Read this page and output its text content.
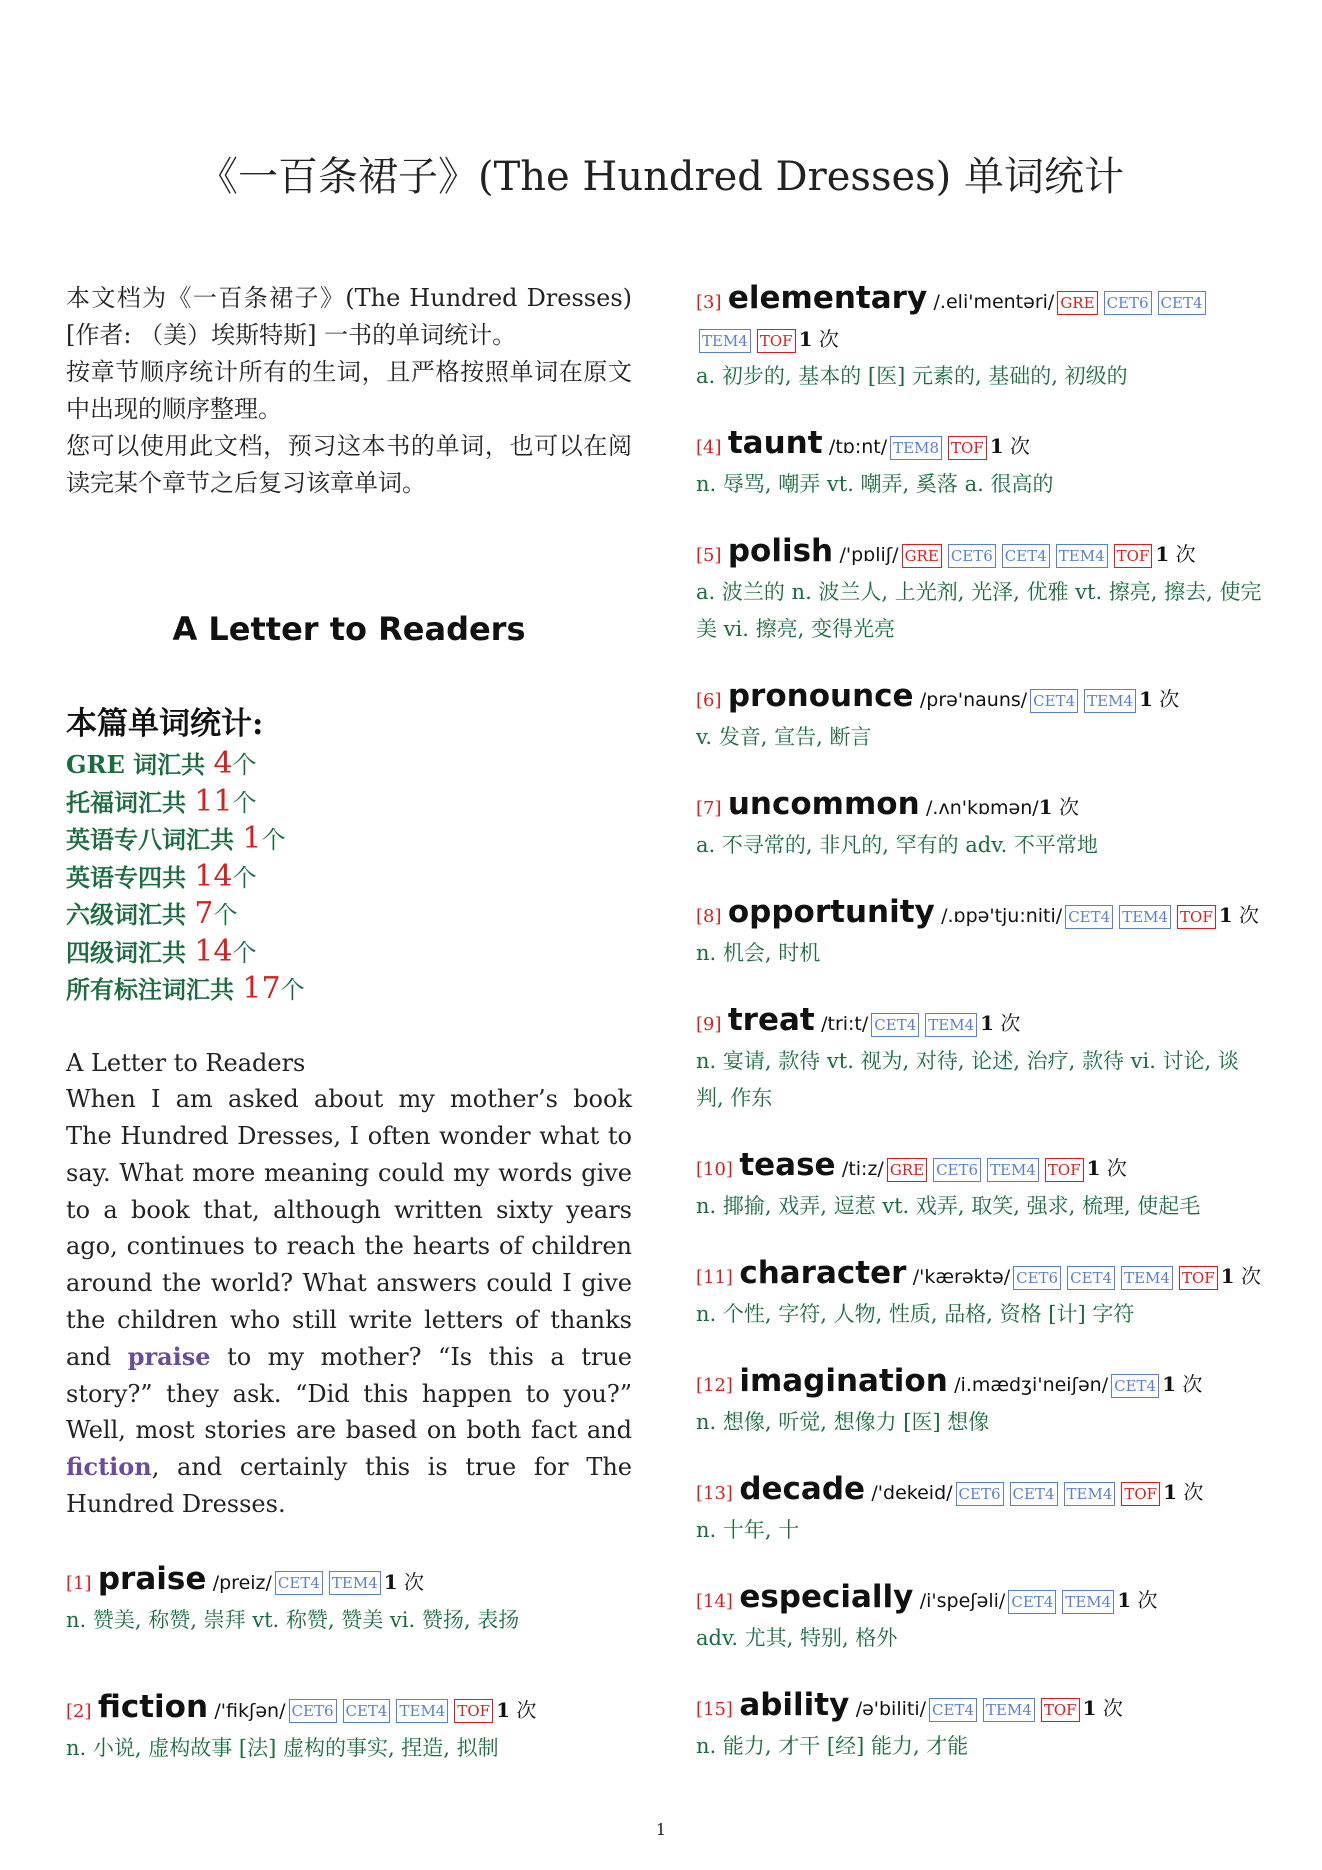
《一百条裙子》(The Hundred Dresses) 单词统计

本文档为《一百条裙子》(The Hundred Dresses)[作者: （美）埃斯特斯] 一书的单词统计。

按章节顺序统计所有的生词，且严格按照单词在原文中出现的顺序整理。

您可以使用此文档，预习这本书的单词，也可以在阅读完某个章节之后复习该章单词。

A Letter to Readers
本篇单词统计:
GRE 词汇共 4个
托福词汇共 11个
英语专八词汇共 1个
英语专四共 14个
六级词汇共 7个
四级词汇共 14个
所有标注词汇共 17个

A Letter to Readers

When I am asked about my mother’s book The Hundred Dresses, I often wonder what to say. What more meaning could my words give to a book that, although written sixty years ago, continues to reach the hearts of children around the world? What answers could I give the children who still write letters of thanks and praise to my mother? “Is this a true story?” they ask. “Did this happen to you?” Well, most stories are based on both fact and fiction, and certainly this is true for The Hundred Dresses.

[1] praise /preiz/ CET4 TEM4 1 次
n. 赞美, 称赞, 崇拜 vt. 称赞, 赞美 vi. 赞扬, 表扬
[2] fiction /'fikʃən/ CET6 CET4 TEM4 TOF 1 次
n. 小说, 虚构故事 [法] 虚构的事实, 捏造, 拟制
[3] elementary /.eli'mentəri/ GRE CET6 CET4TEM4 TOF 1 次
a. 初步的, 基本的 [医] 元素的, 基础的, 初级的
[4] taunt /tɒ:nt/ TEM8 TOF 1 次
n. 辱骂, 嘲弄 vt. 嘲弄, 奚落 a. 很高的
[5] polish /'pɒliʃ/ GRE CET6 CET4 TEM4 TOF 1 次
a. 波兰的 n. 波兰人, 上光剂, 光泽, 优雅 vt. 擦亮, 擦去, 使完美 vi. 擦亮, 变得光亮
[6] pronounce /prə'nauns/ CET4 TEM4 1 次
v. 发音, 宣告, 断言
[7] uncommon /.ʌn'kɒmən/1 次
a. 不寻常的, 非凡的, 罕有的 adv. 不平常地
[8] opportunity /.ɒpə'tju:niti/ CET4 TEM4 TOF 1 次
n. 机会, 时机
[9] treat /tri:t/ CET4 TEM4 1 次
n. 宴请, 款待 vt. 视为, 对待, 论述, 治疗, 款待 vi. 讨论, 谈判, 作东
[10] tease /ti:z/ GRE CET6 TEM4 TOF 1 次
n. 揶揄, 戏弄, 逗惹 vt. 戏弄, 取笑, 强求, 梳理, 使起毛
[11] character /'kærəktə/ CET6 CET4 TEM4 TOF 1 次
n. 个性, 字符, 人物, 性质, 品格, 资格 [计] 字符
[12] imagination /i.mædʒi'neiʃən/ CET4 1 次
n. 想像, 听觉, 想像力 [医] 想像
[13] decade /'dekeid/ CET6 CET4 TEM4 TOF 1 次
n. 十年, 十
[14] especially /i'speʃəli/ CET4 TEM4 1 次
adv. 尤其, 特别, 格外
[15] ability /ə'biliti/ CET4 TEM4 TOF 1 次
n. 能力, 才干 [经] 能力, 才能
1
